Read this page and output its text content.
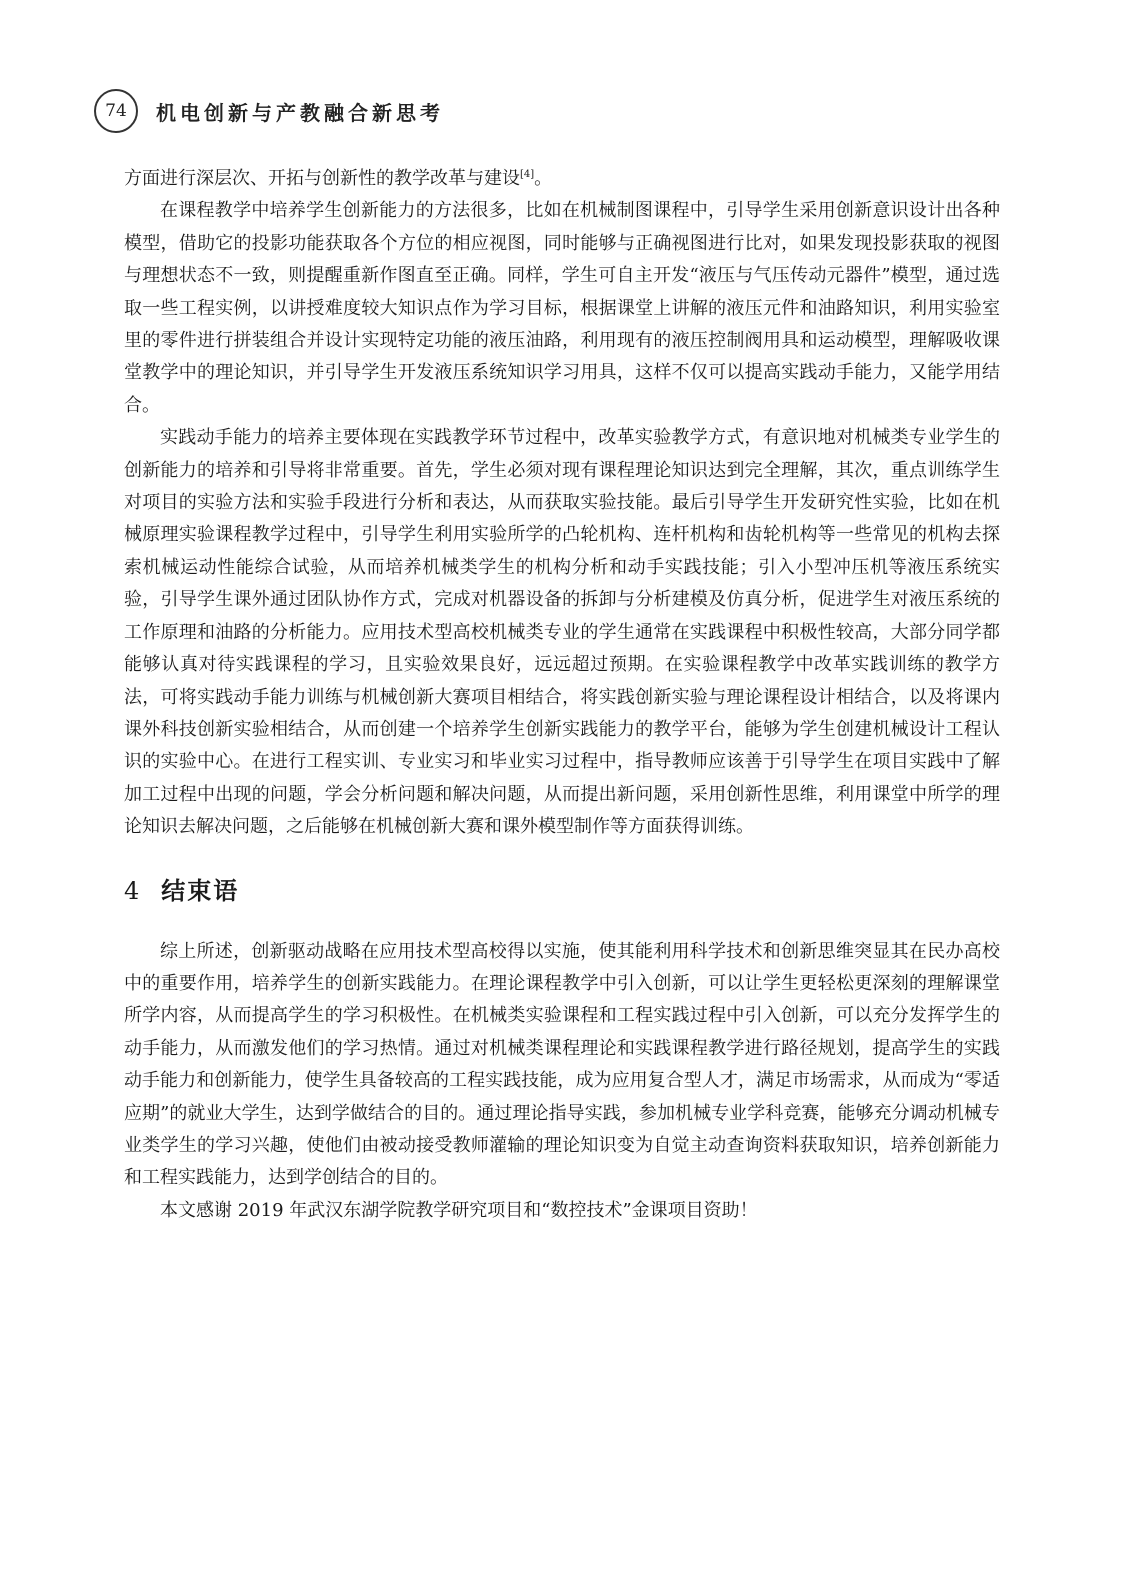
74 机电创新与产教融合新思考

方面进行深层次、开拓与创新性的教学改革与建设[4]。

在课程教学中培养学生创新能力的方法很多，比如在机械制图课程中，引导学生采用创新意识设计出各种模型，借助它的投影功能获取各个方位的相应视图，同时能够与正确视图进行比对，如果发现投影获取的视图与理想状态不一致，则提醒重新作图直至正确。同样，学生可自主开发“液压与气压传动元器件”模型，通过选取一些工程实例，以讲授难度较大知识点作为学习目标，根据课堂上讲解的液压元件和油路知识，利用实验室里的零件进行拼装组合并设计实现特定功能的液压油路，利用现有的液压控制阀用具和运动模型，理解吸收课堂教学中的理论知识，并引导学生开发液压系统知识学习用具，这样不仅可以提高实践动手能力，又能学用结合。

实践动手能力的培养主要体现在实践教学环节过程中，改革实验教学方式，有意识地对机械类专业学生的创新能力的培养和引导将非常重要。首先，学生必须对现有课程理论知识达到完全理解，其次，重点训练学生对项目的实验方法和实验手段进行分析和表达，从而获取实验技能。最后引导学生开发研究性实验，比如在机械原理实验课程教学过程中，引导学生利用实验所学的凸轮机构、连杆机构和齿轮机构等一些常见的机构去探索机械运动性能综合试验，从而培养机械类学生的机构分析和动手实践技能；引入小型冲压机等液压系统实验，引导学生课外通过团队协作方式，完成对机器设备的拆卸与分析建模及仿真分析，促进学生对液压系统的工作原理和油路的分析能力。应用技术型高校机械类专业的学生通常在实践课程中积极性较高，大部分同学都能够认真对待实践课程的学习，且实验效果良好，远远超过预期。在实验课程教学中改革实践训练的教学方法，可将实践动手能力训练与机械创新大赛项目相结合，将实践创新实验与理论课程设计相结合，以及将课内课外科技创新实验相结合，从而创建一个培养学生创新实践能力的教学平台，能够为学生创建机械设计工程认识的实验中心。在进行工程实训、专业实习和毕业实习过程中，指导教师应该善于引导学生在项目实践中了解加工过程中出现的问题，学会分析问题和解决问题，从而提出新问题，采用创新性思维，利用课堂中所学的理论知识去解决问题，之后能够在机械创新大赛和课外模型制作等方面获得训练。

4 结束语

综上所述，创新驱动战略在应用技术型高校得以实施，使其能利用科学技术和创新思维突显其在民办高校中的重要作用，培养学生的创新实践能力。在理论课程教学中引入创新，可以让学生更轻松更深刻的理解课堂所学内容，从而提高学生的学习积极性。在机械类实验课程和工程实践过程中引入创新，可以充分发挥学生的动手能力，从而激发他们的学习热情。通过对机械类课程理论和实践课程教学进行路径规划，提高学生的实践动手能力和创新能力，使学生具备较高的工程实践技能，成为应用复合型人才，满足市场需求，从而成为“零适应期”的就业大学生，达到学做结合的目的。通过理论指导实践，参加机械专业学科竞赛，能够充分调动机械专业类学生的学习兴趣，使他们由被动接受教师灌输的理论知识变为自觉主动查询资料获取知识，培养创新能力和工程实践能力，达到学创结合的目的。

本文感谢 2019 年武汉东湖学院教学研究项目和“数控技术”金课项目资助！
